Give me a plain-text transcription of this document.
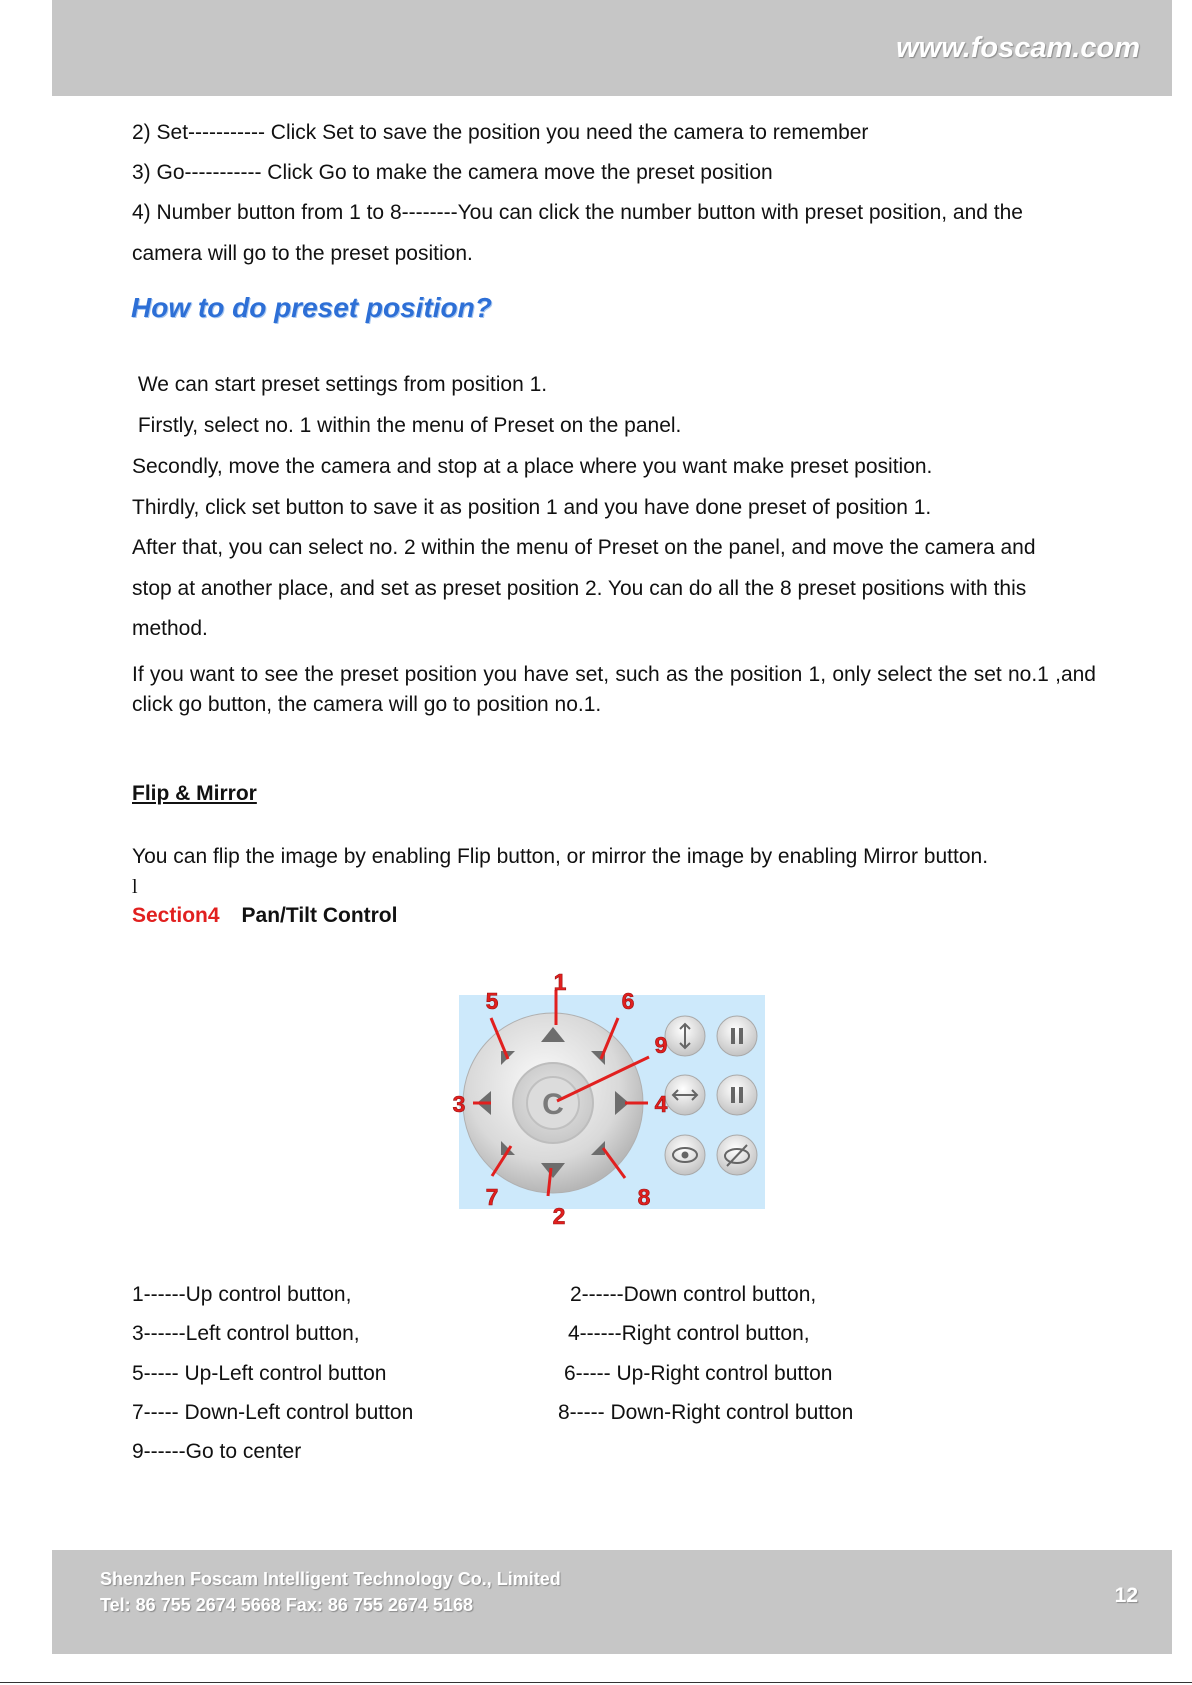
www.foscam.com
2) Set----------- Click Set to save the position you need the camera to remember
3) Go----------- Click Go to make the camera move the preset position
4) Number button from 1 to 8--------You can click the number button with preset position, and the
camera will go to the preset position.
How to do preset position?
We can start preset settings from position 1.
Firstly, select no. 1 within the menu of Preset on the panel.
Secondly, move the camera and stop at a place where you want make preset position.
Thirdly, click set button to save it as position 1 and you have done preset of position 1.
After that, you can select no. 2 within the menu of Preset on the panel, and move the camera and
stop at another place, and set as preset position 2. You can do all the 8 preset positions with this
method.
If you want to see the preset position you have set, such as the position 1, only select the set no.1 ,and click go button, the camera will go to position no.1.
Flip & Mirror
You can flip the image by enabling Flip button, or mirror the image by enabling Mirror button.
l
Section4 Pan/Tilt Control
C
1
2
3	4
5	6
7	8
9
1------Up control button,	2------Down control button,
3------Left control button,	4------Right control button,
5----- Up-Left control button	6----- Up-Right control button
7----- Down-Left control button	8----- Down-Right control button
9------Go to center
Shenzhen Foscam Intelligent Technology Co., Limited
Tel: 86 755 2674 5668 Fax: 86 755 2674 5168	12
